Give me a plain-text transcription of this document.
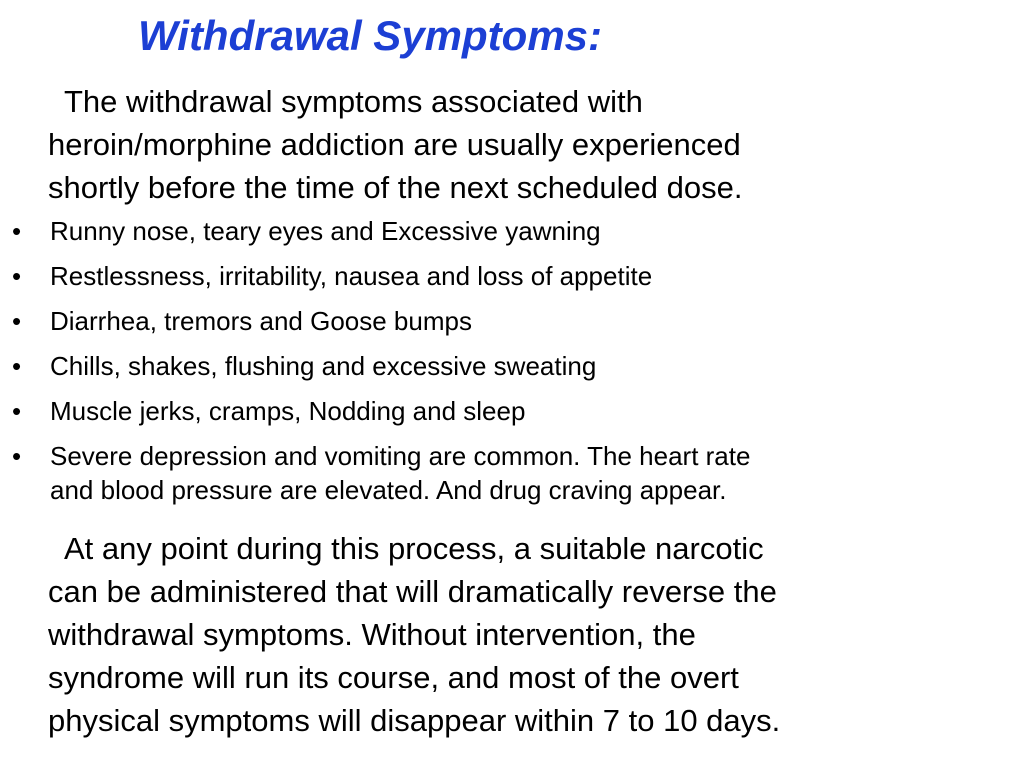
Withdrawal Symptoms:

The withdrawal symptoms associated with
heroin/morphine addiction are usually experienced
shortly before the time of the next scheduled dose.

•	Runny nose, teary eyes and Excessive yawning
•	Restlessness, irritability, nausea and loss of appetite
•	Diarrhea, tremors and Goose bumps
•	Chills, shakes, flushing and excessive sweating
•	Muscle jerks, cramps, Nodding and sleep
•	Severe depression and vomiting are common. The heart rate
and blood pressure are elevated. And drug craving appear.

At any point during this process, a suitable narcotic
can be administered that will dramatically reverse the
withdrawal symptoms. Without intervention, the
syndrome will run its course, and most of the overt
physical symptoms will disappear within 7 to 10 days.
